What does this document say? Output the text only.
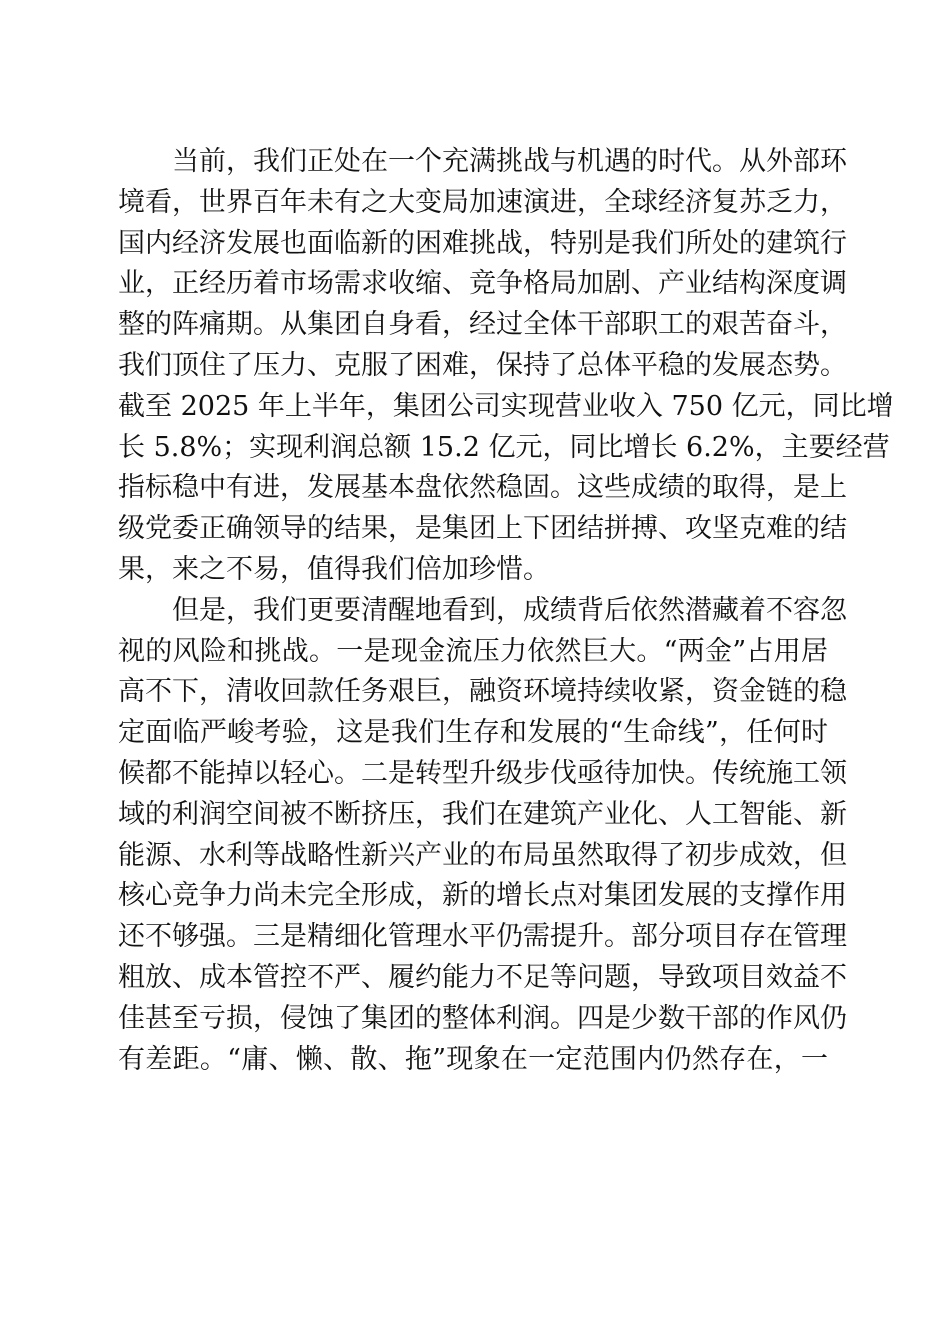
当前，我们正处在一个充满挑战与机遇的时代。从外部环
境看，世界百年未有之大变局加速演进，全球经济复苏乏力，
国内经济发展也面临新的困难挑战，特别是我们所处的建筑行
业，正经历着市场需求收缩、竞争格局加剧、产业结构深度调
整的阵痛期。从集团自身看，经过全体干部职工的艰苦奋斗，
我们顶住了压力、克服了困难，保持了总体平稳的发展态势。
截至 2025 年上半年，集团公司实现营业收入 750 亿元，同比增
长 5.8%；实现利润总额 15.2 亿元，同比增长 6.2%，主要经营
指标稳中有进，发展基本盘依然稳固。这些成绩的取得，是上
级党委正确领导的结果，是集团上下团结拼搏、攻坚克难的结
果，来之不易，值得我们倍加珍惜。
但是，我们更要清醒地看到，成绩背后依然潜藏着不容忽
视的风险和挑战。一是现金流压力依然巨大。“两金”占用居
高不下，清收回款任务艰巨，融资环境持续收紧，资金链的稳
定面临严峻考验，这是我们生存和发展的“生命线”，任何时
候都不能掉以轻心。二是转型升级步伐亟待加快。传统施工领
域的利润空间被不断挤压，我们在建筑产业化、人工智能、新
能源、水利等战略性新兴产业的布局虽然取得了初步成效，但
核心竞争力尚未完全形成，新的增长点对集团发展的支撑作用
还不够强。三是精细化管理水平仍需提升。部分项目存在管理
粗放、成本管控不严、履约能力不足等问题，导致项目效益不
佳甚至亏损，侵蚀了集团的整体利润。四是少数干部的作风仍
有差距。“庸、懒、散、拖”现象在一定范围内仍然存在，一
